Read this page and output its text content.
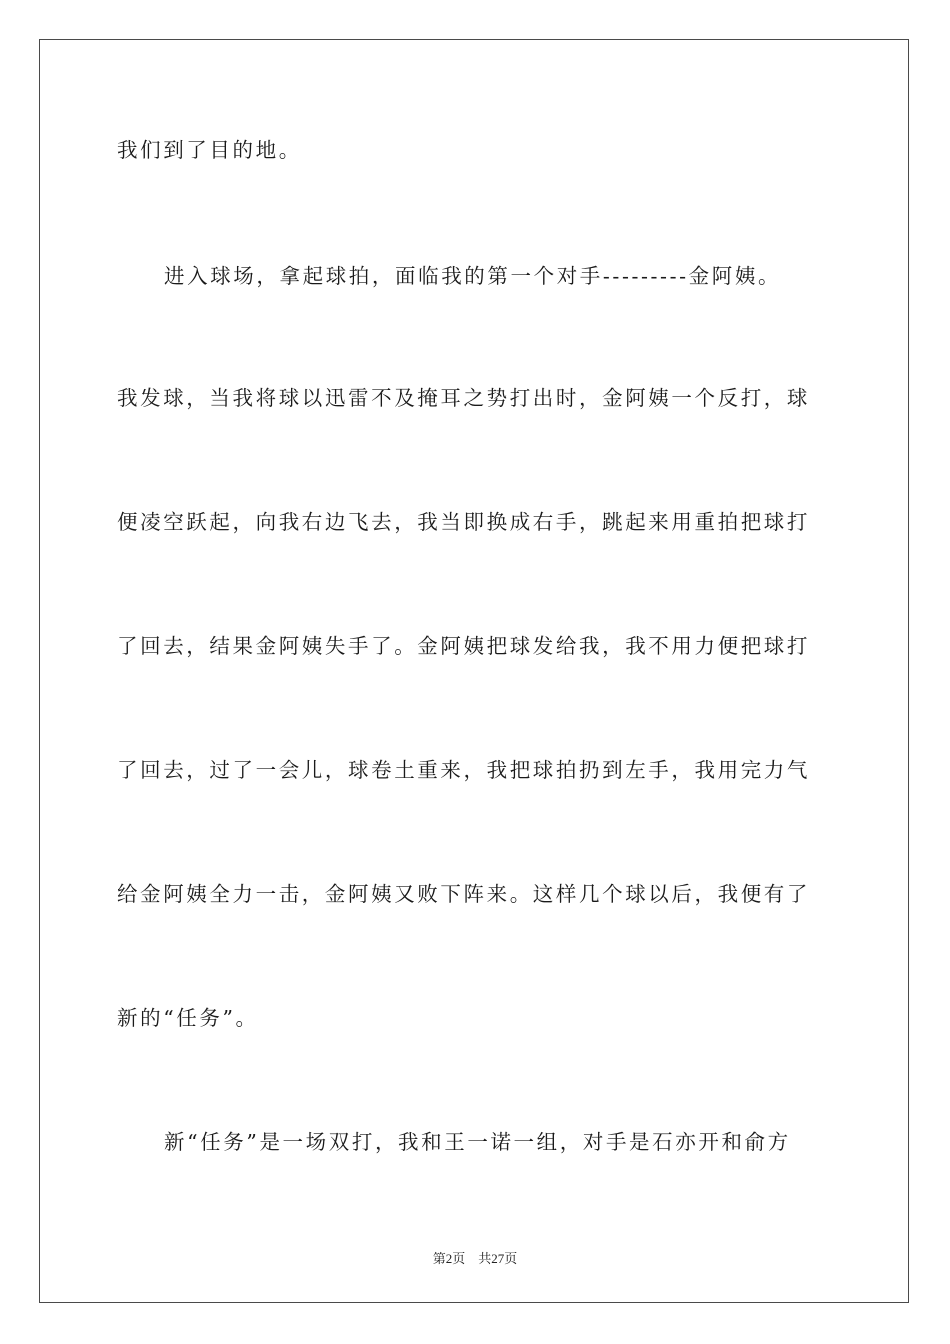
我们到了目的地。
进入球场，拿起球拍，面临我的第一个对手---------金阿姨。
我发球，当我将球以迅雷不及掩耳之势打出时，金阿姨一个反打，球
便凌空跃起，向我右边飞去，我当即换成右手，跳起来用重拍把球打
了回去，结果金阿姨失手了。金阿姨把球发给我，我不用力便把球打
了回去，过了一会儿，球卷土重来，我把球拍扔到左手，我用完力气
给金阿姨全力一击，金阿姨又败下阵来。这样几个球以后，我便有了
新的“任务”。
新“任务”是一场双打，我和王一诺一组，对手是石亦开和俞方
第2页 共27页
